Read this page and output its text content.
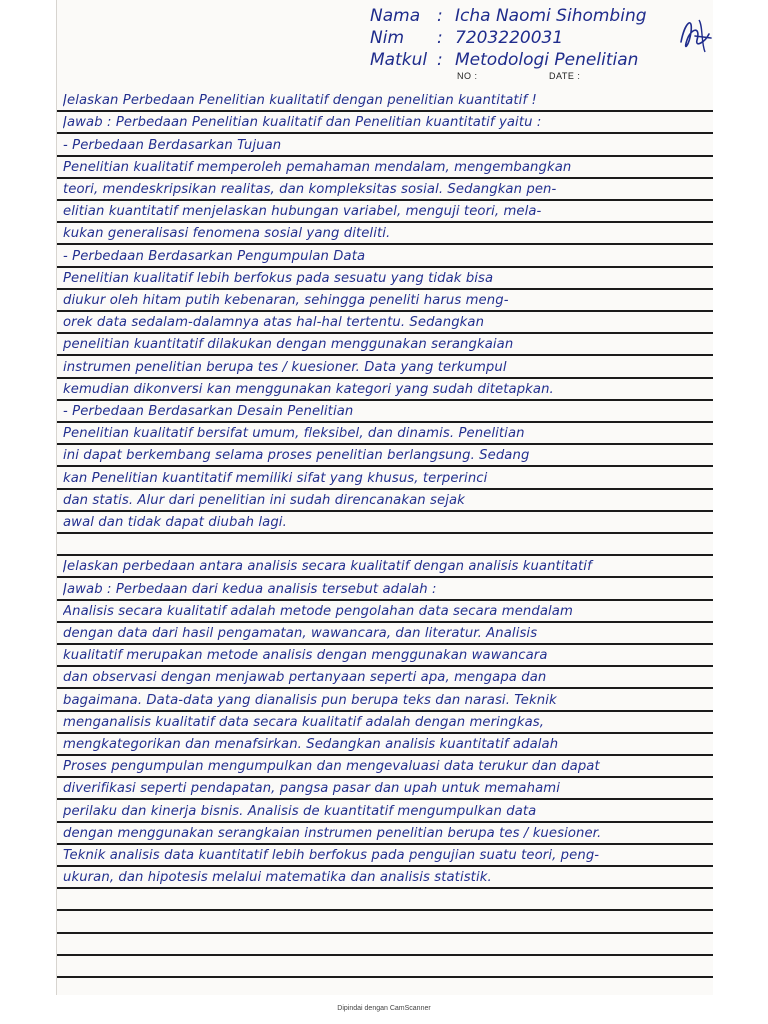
Nama : Icha Naomi Sihombing
Nim : 7203220031
Matkul : Metodologi Penelitian
NO :	DATE :
Jelaskan Perbedaan Penelitian kualitatif dengan penelitian kuantitatif !
Jawab : Perbedaan Penelitian kualitatif dan Penelitian kuantitatif yaitu :
- Perbedaan Berdasarkan Tujuan
Penelitian kualitatif memperoleh pemahaman mendalam, mengembangkan
teori, mendeskripsikan realitas, dan kompleksitas sosial. Sedangkan pen-
elitian kuantitatif menjelaskan hubungan variabel, menguji teori, mela-
kukan generalisasi fenomena sosial yang diteliti.
- Perbedaan Berdasarkan Pengumpulan Data
Penelitian kualitatif lebih berfokus pada sesuatu yang tidak bisa
diukur oleh hitam putih kebenaran, sehingga peneliti harus meng-
orek data sedalam-dalamnya atas hal-hal tertentu. Sedangkan
penelitian kuantitatif dilakukan dengan menggunakan serangkaian
instrumen penelitian berupa tes / kuesioner. Data yang terkumpul
kemudian dikonversi kan menggunakan kategori yang sudah ditetapkan.
- Perbedaan Berdasarkan Desain Penelitian
Penelitian kualitatif bersifat umum, fleksibel, dan dinamis. Penelitian
ini dapat berkembang selama proses penelitian berlangsung. Sedang
kan Penelitian kuantitatif memiliki sifat yang khusus, terperinci
dan statis. Alur dari penelitian ini sudah direncanakan sejak
awal dan tidak dapat diubah lagi.
Jelaskan perbedaan antara analisis secara kualitatif dengan analisis kuantitatif
Jawab : Perbedaan dari kedua analisis tersebut adalah :
Analisis secara kualitatif adalah metode pengolahan data secara mendalam
dengan data dari hasil pengamatan, wawancara, dan literatur. Analisis
kualitatif merupakan metode analisis dengan menggunakan wawancara
dan observasi dengan menjawab pertanyaan seperti apa, mengapa dan
bagaimana. Data-data yang dianalisis pun berupa teks dan narasi. Teknik
menganalisis kualitatif data secara kualitatif adalah dengan meringkas,
mengkategorikan dan menafsirkan. Sedangkan analisis kuantitatif adalah
Proses pengumpulan mengumpulkan dan mengevaluasi data terukur dan dapat
diverifikasi seperti pendapatan, pangsa pasar dan upah untuk memahami
perilaku dan kinerja bisnis. Analisis de kuantitatif mengumpulkan data
dengan menggunakan serangkaian instrumen penelitian berupa tes / kuesioner.
Teknik analisis data kuantitatif lebih berfokus pada pengujian suatu teori, peng-
ukuran, dan hipotesis melalui matematika dan analisis statistik.
Dipindai dengan CamScanner
